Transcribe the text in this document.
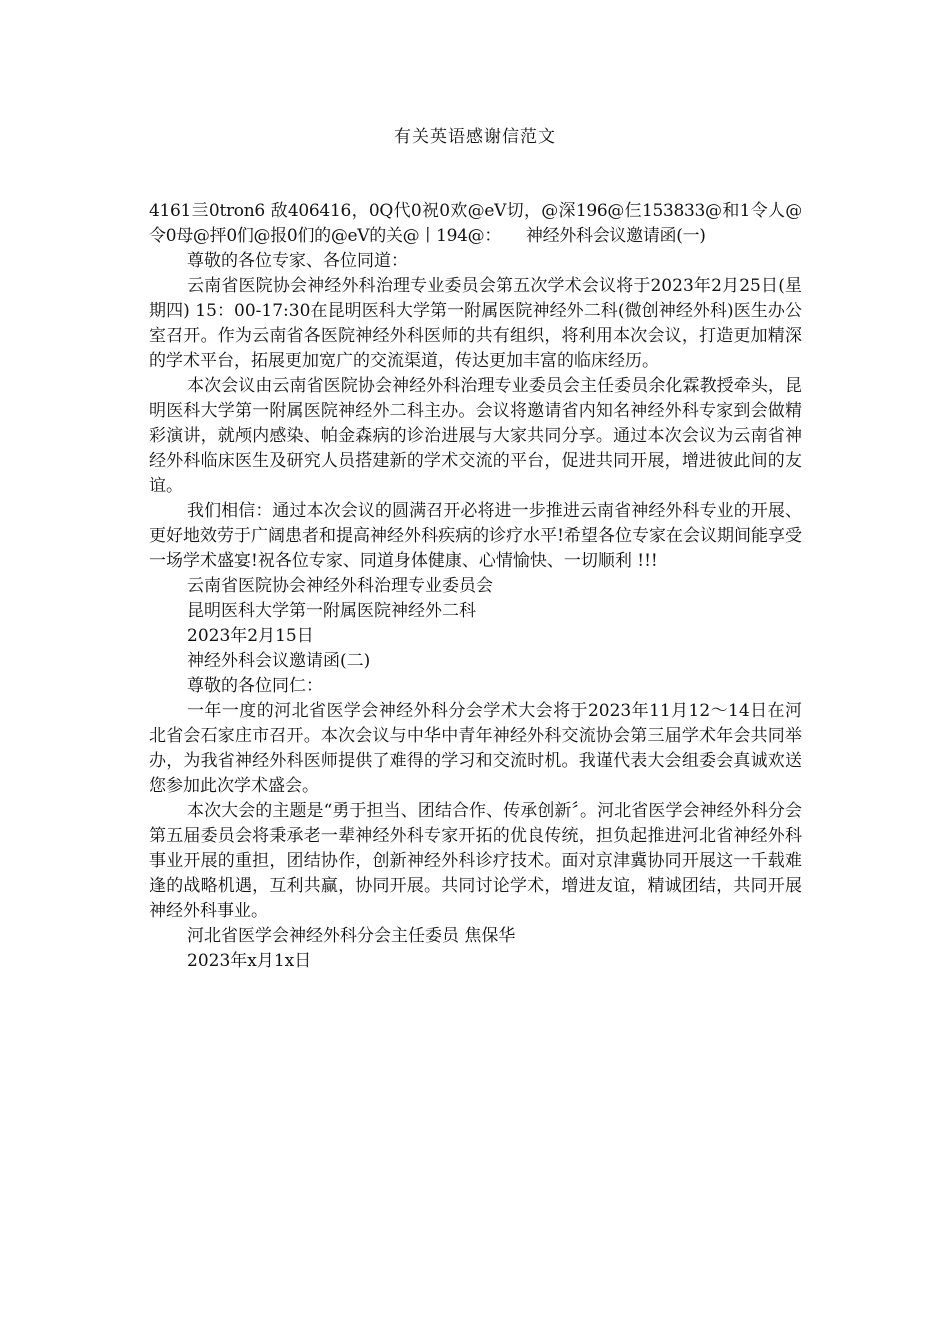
有关英语感谢信范文

4161亖0tron6 敌406416，0Q代0祝0欢@eV切，@深196@仨153833@和1令人@令0母@抨0们@报0们的@eV的关@丨194@：　　神经外科会议邀请函(一)

尊敬的各位专家、各位同道：

云南省医院协会神经外科治理专业委员会第五次学术会议将于2023年2月25日(星期四) 15：00-17:30在昆明医科大学第一附属医院神经外二科(微创神经外科)医生办公室召开。作为云南省各医院神经外科医师的共有组织，将利用本次会议，打造更加精深的学术平台，拓展更加宽广的交流渠道，传达更加丰富的临床经历。

本次会议由云南省医院协会神经外科治理专业委员会主任委员余化霖教授牵头，昆明医科大学第一附属医院神经外二科主办。会议将邀请省内知名神经外科专家到会做精彩演讲，就颅内感染、帕金森病的诊治进展与大家共同分享。通过本次会议为云南省神经外科临床医生及研究人员搭建新的学术交流的平台，促进共同开展，增进彼此间的友谊。

我们相信：通过本次会议的圆满召开必将进一步推进云南省神经外科专业的开展、更好地效劳于广阔患者和提高神经外科疾病的诊疗水平!希望各位专家在会议期间能享受一场学术盛宴!祝各位专家、同道身体健康、心情愉快、一切顺利 !!!

云南省医院协会神经外科治理专业委员会

昆明医科大学第一附属医院神经外二科

2023年2月15日

神经外科会议邀请函(二)

尊敬的各位同仁：

一年一度的河北省医学会神经外科分会学术大会将于2023年11月12～14日在河北省会石家庄市召开。本次会议与中华中青年神经外科交流协会第三届学术年会共同举办，为我省神经外科医师提供了难得的学习和交流时机。我谨代表大会组委会真诚欢送您参加此次学术盛会。

本次大会的主题是“勇于担当、团结合作、传承创新〞。河北省医学会神经外科分会第五届委员会将秉承老一辈神经外科专家开拓的优良传统，担负起推进河北省神经外科事业开展的重担，团结协作，创新神经外科诊疗技术。面对京津冀协同开展这一千载难逢的战略机遇，互利共赢，协同开展。共同讨论学术，增进友谊，精诚团结，共同开展神经外科事业。

河北省医学会神经外科分会主任委员 焦保华

2023年x月1x日
